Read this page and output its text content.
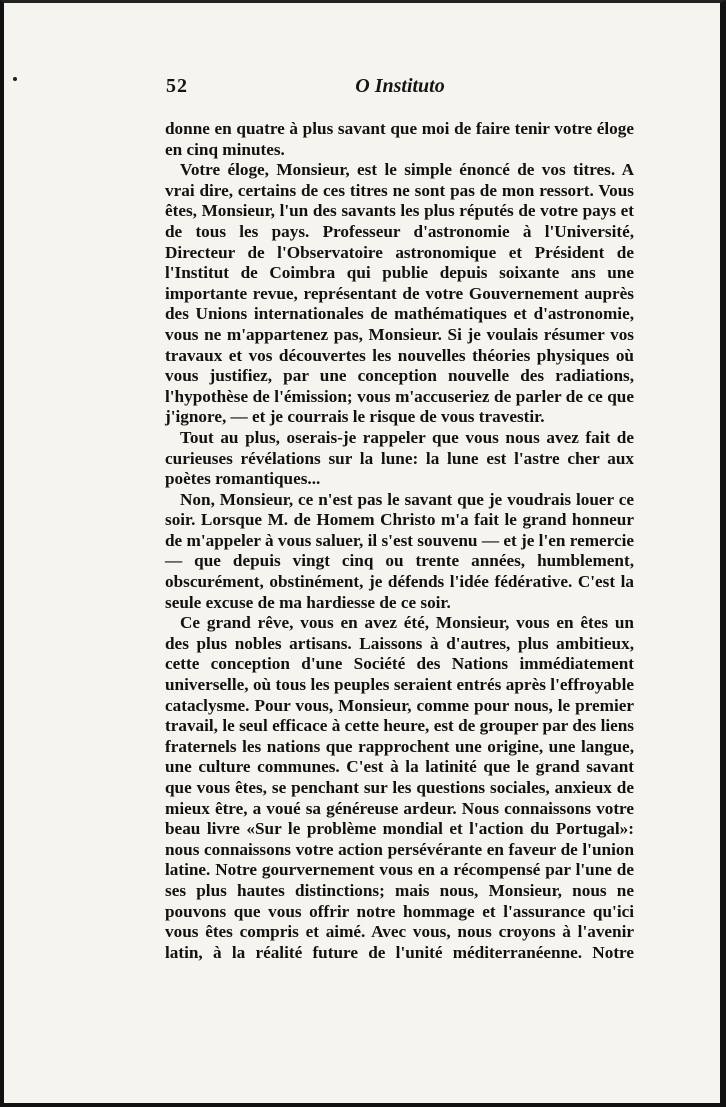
52	O Instituto

donne en quatre à plus savant que moi de faire tenir votre éloge en cinq minutes.

Votre éloge, Monsieur, est le simple énoncé de vos titres. A vrai dire, certains de ces titres ne sont pas de mon ressort. Vous êtes, Monsieur, l'un des savants les plus réputés de votre pays et de tous les pays. Professeur d'astronomie à l'Université, Directeur de l'Observatoire astronomique et Président de l'Institut de Coimbra qui publie depuis soixante ans une importante revue, représentant de votre Gouvernement auprès des Unions internationales de mathématiques et d'astronomie, vous ne m'appartenez pas, Monsieur. Si je voulais résumer vos travaux et vos découvertes les nouvelles théories physiques où vous justifiez, par une conception nouvelle des radiations, l'hypothèse de l'émission; vous m'accuseriez de parler de ce que j'ignore, — et je courrais le risque de vous travestir.

Tout au plus, oserais-je rappeler que vous nous avez fait de curieuses révélations sur la lune: la lune est l'astre cher aux poètes romantiques...

Non, Monsieur, ce n'est pas le savant que je voudrais louer ce soir. Lorsque M. de Homem Christo m'a fait le grand honneur de m'appeler à vous saluer, il s'est souvenu — et je l'en remercie — que depuis vingt cinq ou trente années, humblement, obscurément, obstinément, je défends l'idée fédérative. C'est la seule excuse de ma hardiesse de ce soir.

Ce grand rêve, vous en avez été, Monsieur, vous en êtes un des plus nobles artisans. Laissons à d'autres, plus ambitieux, cette conception d'une Société des Nations immédiatement universelle, où tous les peuples seraient entrés après l'effroyable cataclysme. Pour vous, Monsieur, comme pour nous, le premier travail, le seul efficace à cette heure, est de grouper par des liens fraternels les nations que rapprochent une origine, une langue, une culture communes. C'est à la latinité que le grand savant que vous êtes, se penchant sur les questions sociales, anxieux de mieux être, a voué sa généreuse ardeur. Nous connaissons votre beau livre «Sur le problème mondial et l'action du Portugal»: nous connaissons votre action persévérante en faveur de l'union latine. Notre gourvernement vous en a récompensé par l'une de ses plus hautes distinctions; mais nous, Monsieur, nous ne pouvons que vous offrir notre hommage et l'assurance qu'ici vous êtes compris et aimé. Avec vous, nous croyons à l'avenir latin, à la réalité future de l'unité méditerranéenne. Notre
